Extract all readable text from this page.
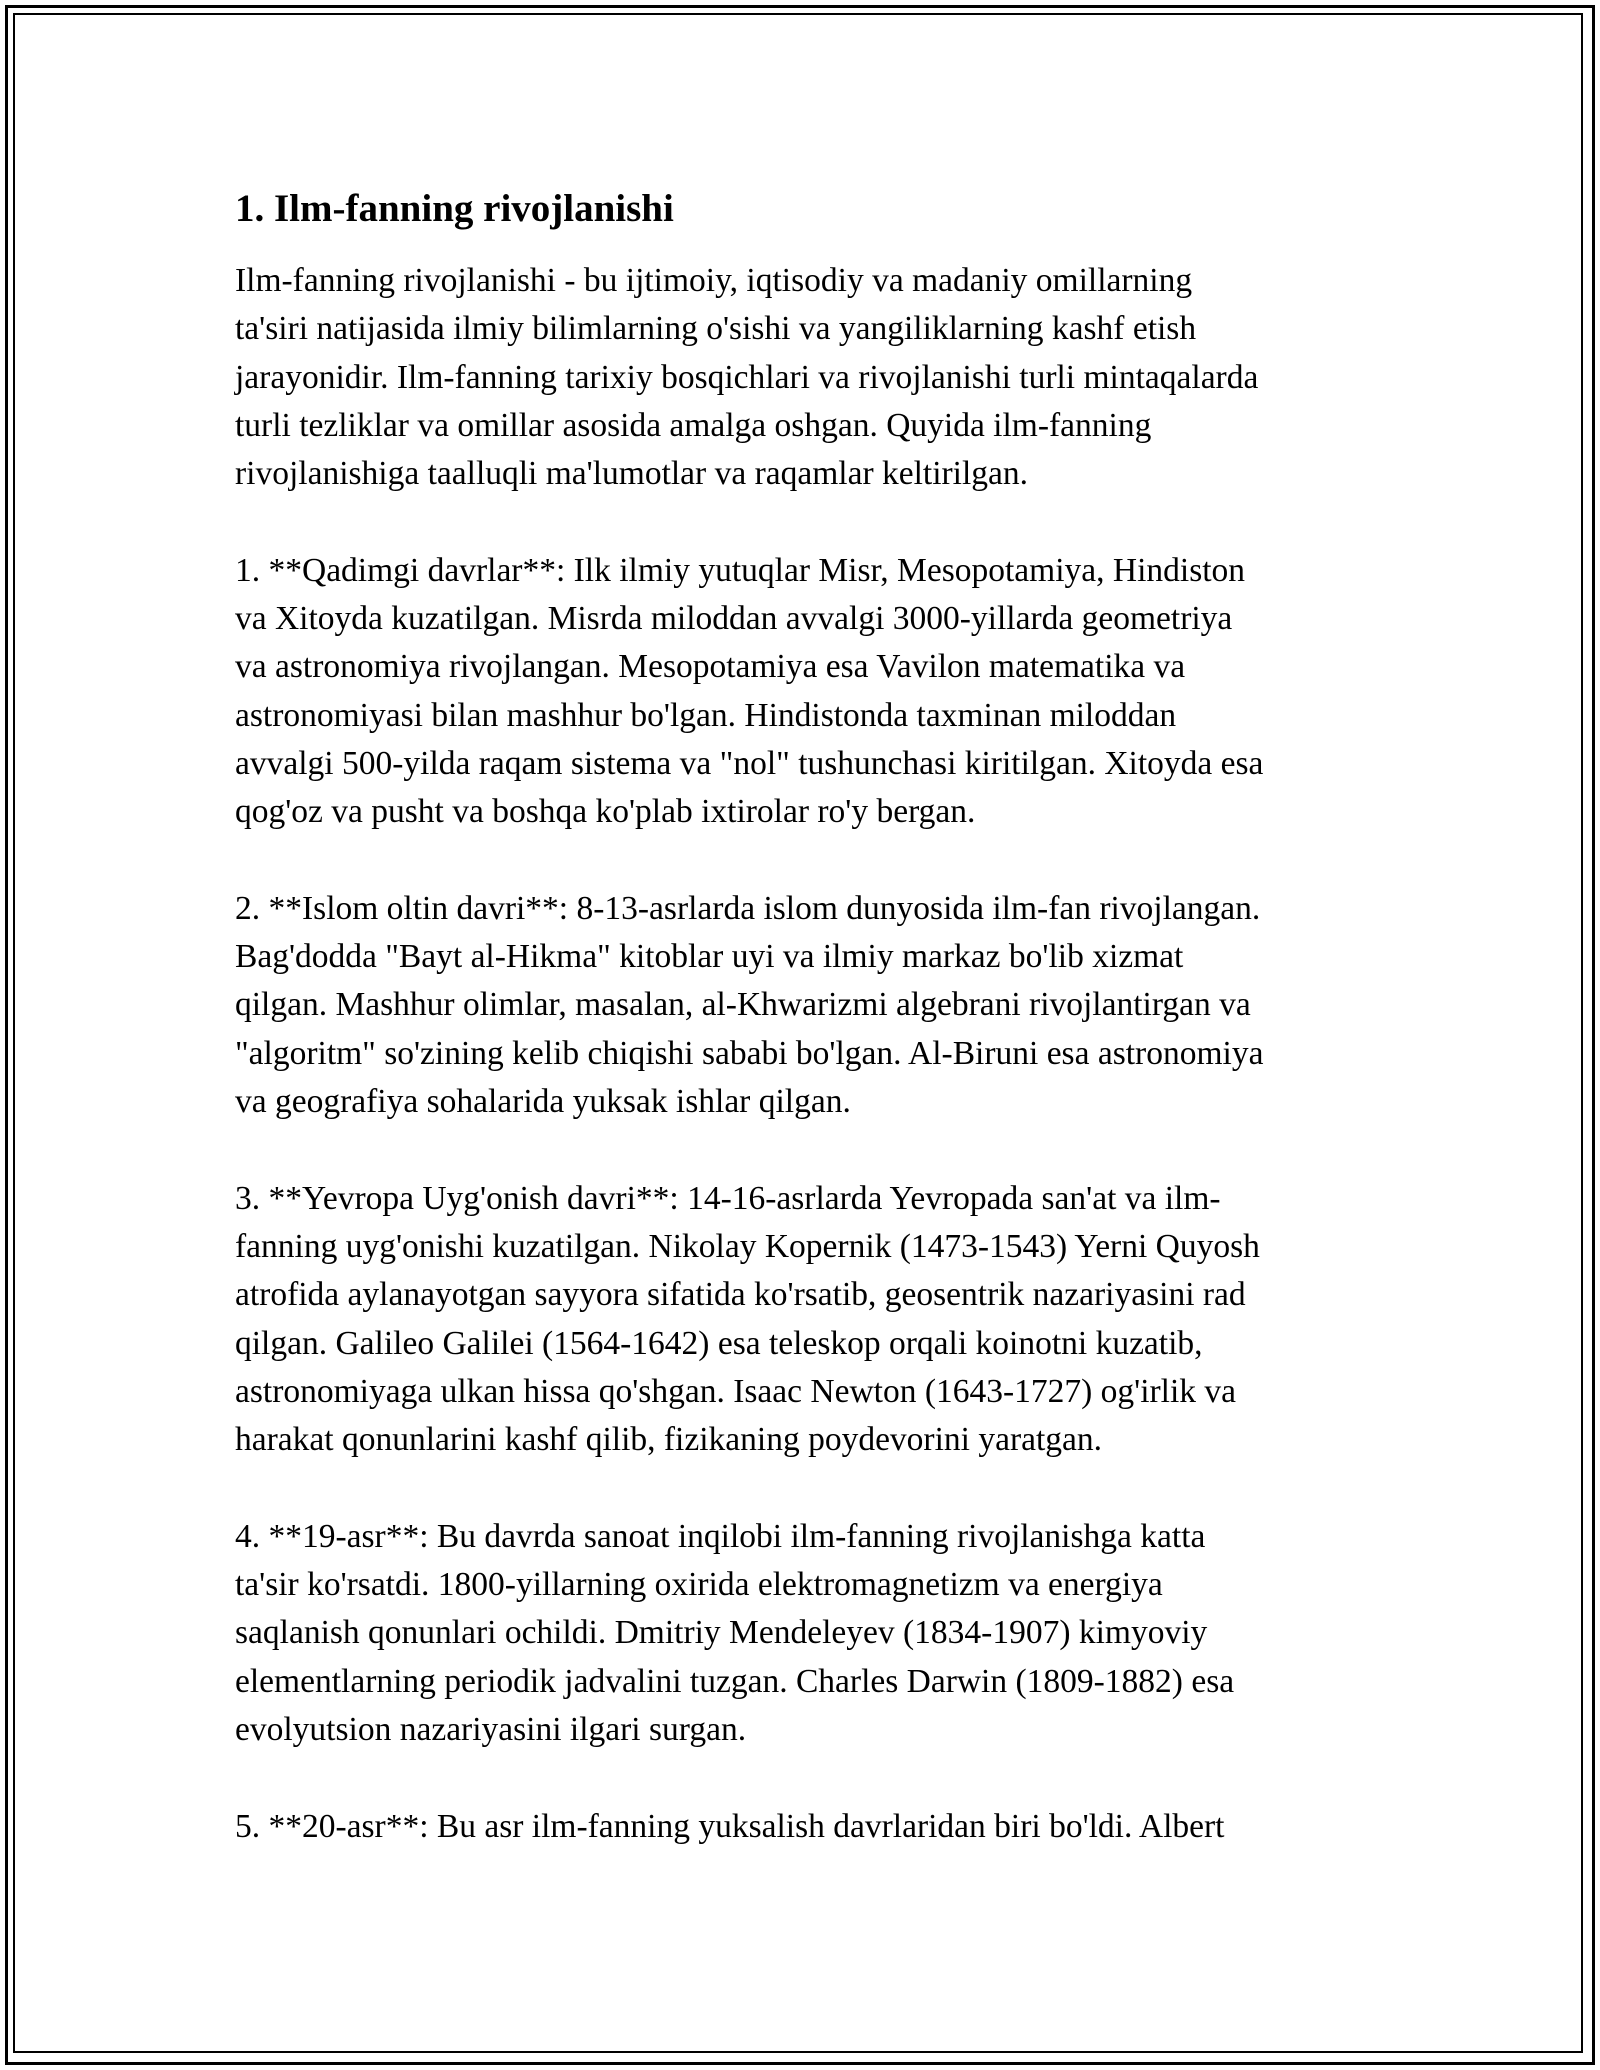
1. Ilm-fanning rivojlanishi

Ilm-fanning rivojlanishi - bu ijtimoiy, iqtisodiy va madaniy omillarning
ta'siri natijasida ilmiy bilimlarning o'sishi va yangiliklarning kashf etish
jarayonidir. Ilm-fanning tarixiy bosqichlari va rivojlanishi turli mintaqalarda
turli tezliklar va omillar asosida amalga oshgan. Quyida ilm-fanning
rivojlanishiga taalluqli ma'lumotlar va raqamlar keltirilgan.

1. **Qadimgi davrlar**: Ilk ilmiy yutuqlar Misr, Mesopotamiya, Hindiston
va Xitoyda kuzatilgan. Misrda miloddan avvalgi 3000-yillarda geometriya
va astronomiya rivojlangan. Mesopotamiya esa Vavilon matematika va
astronomiyasi bilan mashhur bo'lgan. Hindistonda taxminan miloddan
avvalgi 500-yilda raqam sistema va "nol" tushunchasi kiritilgan. Xitoyda esa
qog'oz va pusht va boshqa ko'plab ixtirolar ro'y bergan.

2. **Islom oltin davri**: 8-13-asrlarda islom dunyosida ilm-fan rivojlangan.
Bag'dodda "Bayt al-Hikma" kitoblar uyi va ilmiy markaz bo'lib xizmat
qilgan. Mashhur olimlar, masalan, al-Khwarizmi algebrani rivojlantirgan va
"algoritm" so'zining kelib chiqishi sababi bo'lgan. Al-Biruni esa astronomiya
va geografiya sohalarida yuksak ishlar qilgan.

3. **Yevropa Uyg'onish davri**: 14-16-asrlarda Yevropada san'at va ilm-
fanning uyg'onishi kuzatilgan. Nikolay Kopernik (1473-1543) Yerni Quyosh
atrofida aylanayotgan sayyora sifatida ko'rsatib, geosentrik nazariyasini rad
qilgan. Galileo Galilei (1564-1642) esa teleskop orqali koinotni kuzatib,
astronomiyaga ulkan hissa qo'shgan. Isaac Newton (1643-1727) og'irlik va
harakat qonunlarini kashf qilib, fizikaning poydevorini yaratgan.

4. **19-asr**: Bu davrda sanoat inqilobi ilm-fanning rivojlanishga katta
ta'sir ko'rsatdi. 1800-yillarning oxirida elektromagnetizm va energiya
saqlanish qonunlari ochildi. Dmitriy Mendeleyev (1834-1907) kimyoviy
elementlarning periodik jadvalini tuzgan. Charles Darwin (1809-1882) esa
evolyutsion nazariyasini ilgari surgan.

5. **20-asr**: Bu asr ilm-fanning yuksalish davrlaridan biri bo'ldi. Albert
